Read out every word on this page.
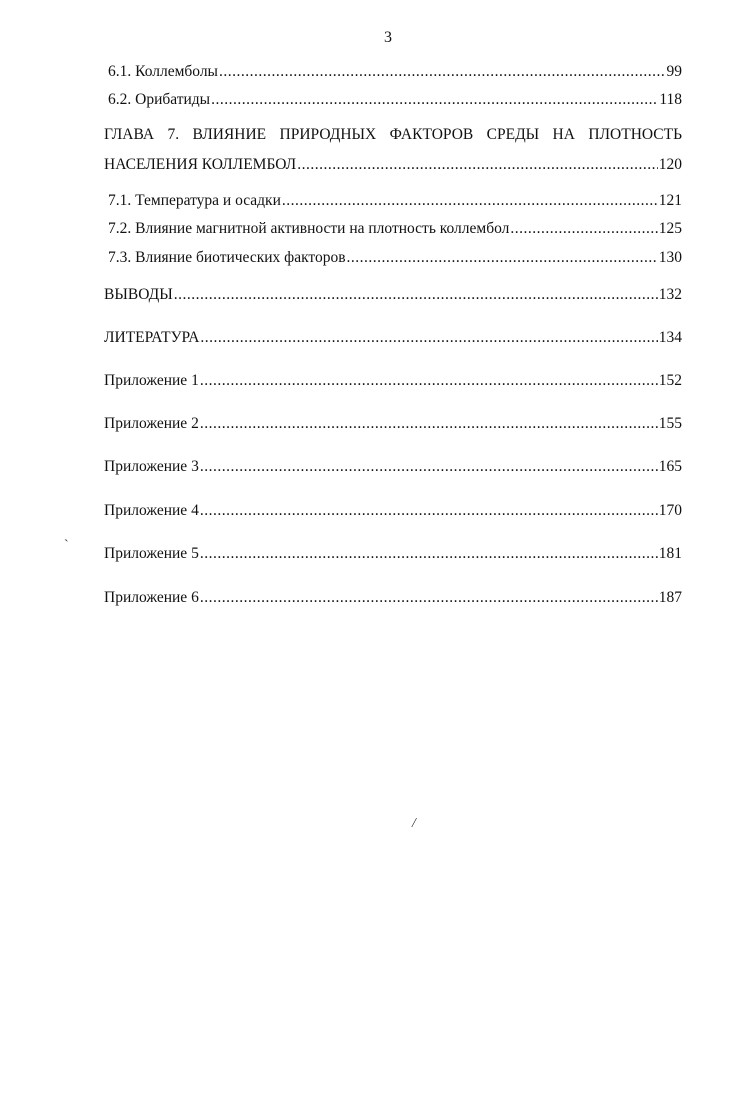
3
6.1. Коллемболы .....	99
6.2. Орибатиды .....	118
ГЛАВА 7. ВЛИЯНИЕ ПРИРОДНЫХ ФАКТОРОВ СРЕДЫ НА ПЛОТНОСТЬ
НАСЕЛЕНИЯ КОЛЛЕМБОЛ .....	120
7.1. Температура и осадки .....	121
7.2. Влияние магнитной активности на плотность коллембол .....	125
7.3. Влияние биотических факторов .....	130
ВЫВОДЫ .....	132
ЛИТЕРАТУРА .....	134
Приложение 1 .....	152
Приложение 2 .....	155
Приложение 3 .....	165
Приложение 4 .....	170
Приложение 5 .....	181
Приложение 6 .....	187
`
/
